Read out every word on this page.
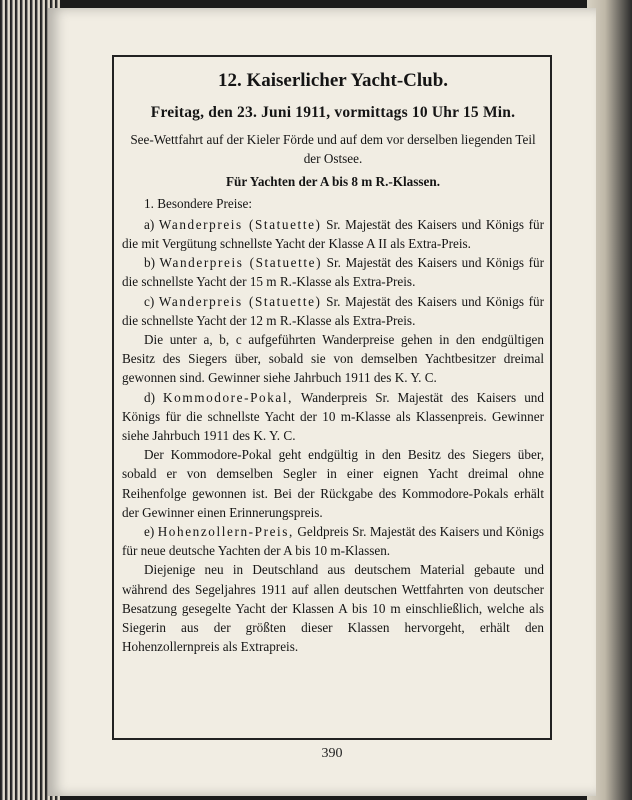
12. Kaiserlicher Yacht-Club.
Freitag, den 23. Juni 1911, vormittags 10 Uhr 15 Min.
See-Wettfahrt auf der Kieler Förde und auf dem vor derselben liegenden Teil der Ostsee.
Für Yachten der A bis 8 m R.-Klassen.
1. Besondere Preise:

a) Wanderpreis (Statuette) Sr. Majestät des Kaisers und Königs für die mit Vergütung schnellste Yacht der Klasse A II als Extra-Preis.

b) Wanderpreis (Statuette) Sr. Majestät des Kaisers und Königs für die schnellste Yacht der 15 m R.-Klasse als Extra-Preis.

c) Wanderpreis (Statuette) Sr. Majestät des Kaisers und Königs für die schnellste Yacht der 12 m R.-Klasse als Extra-Preis.

Die unter a, b, c aufgeführten Wanderpreise gehen in den endgültigen Besitz des Siegers über, sobald sie von demselben Yachtbesitzer dreimal gewonnen sind. Gewinner siehe Jahrbuch 1911 des K. Y. C.

d) Kommodore-Pokal, Wanderpreis Sr. Majestät des Kaisers und Königs für die schnellste Yacht der 10 m-Klasse als Klassenpreis. Gewinner siehe Jahrbuch 1911 des K. Y. C.

Der Kommodore-Pokal geht endgültig in den Besitz des Siegers über, sobald er von demselben Segler in einer eignen Yacht dreimal ohne Reihenfolge gewonnen ist. Bei der Rückgabe des Kommodore-Pokals erhält der Gewinner einen Erinnerungspreis.

e) Hohenzollern-Preis, Geldpreis Sr. Majestät des Kaisers und Königs für neue deutsche Yachten der A bis 10 m-Klassen.

Diejenige neu in Deutschland aus deutschem Material gebaute und während des Segeljahres 1911 auf allen deutschen Wettfahrten von deutscher Besatzung gesegelte Yacht der Klassen A bis 10 m einschließlich, welche als Siegerin aus der größten dieser Klassen hervorgeht, erhält den Hohenzollernpreis als Extrapreis.

390
